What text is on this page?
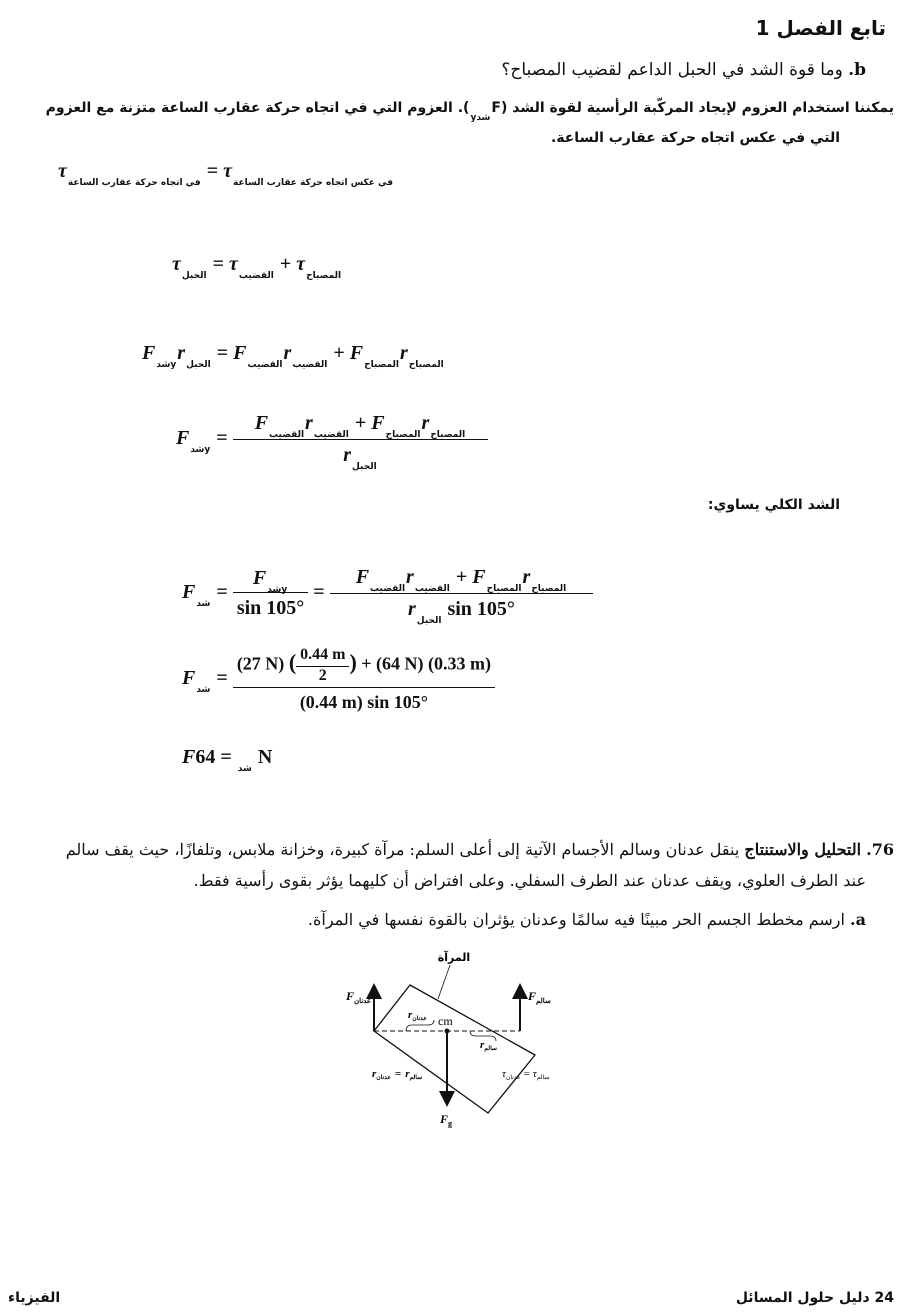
تابع الفصل 1
b. وما قوة الشد في الحبل الداعم لقضيب المصباح؟
يمكننا استخدام العزوم لإيجاد المركّبة الرأسية لقوة الشد $(F_{شدy})$. العزوم التي في اتجاه حركة عقارب الساعة متزنة مع العزوم
التي في عكس اتجاه حركة عقارب الساعة.
$\tau_{في اتجاه حركة عقارب الساعة} = \tau_{في عكس اتجاه حركة عقارب الساعة}$
$\tau_{الحبل} = \tau_{القضيب} + \tau_{المصباح}$
$F_{شدy}r_{الحبل} = F_{القضيب}r_{القضيب} + F_{المصباح}r_{المصباح}$
$F_{شدy} = \frac{F_{القضيب}r_{القضيب} + F_{المصباح}r_{المصباح}}{r_{الحبل}}$
الشد الكلي يساوي:
$F_{شد} = \frac{F_{شدy}}{\sin 105^\circ} = \frac{F_{القضيب}r_{القضيب} + F_{المصباح}r_{المصباح}}{r_{الحبل} \sin 105^\circ}$
$F_{شد} = \frac{(27 N) ( \frac{0.44 m}{2} ) + (64 N) (0.33 m)}{(0.44 m) \sin 105^\circ}$
$F_{شد} = 64$ N
76. التحليل والاستنتاج ينقل عدنان وسالم الأجسام الآتية إلى أعلى السلم: مرآة كبيرة، وخزانة ملابس، وتلفازًا، حيث يقف سالم
عند الطرف العلوي، ويقف عدنان عند الطرف السفلي. وعلى افتراض أن كليهما يؤثر بقوى رأسية فقط.
a. ارسم مخطط الجسم الحر مبينًا فيه سالمًا وعدنان يؤثران بالقوة نفسها في المرآة.
المرآة
$F_{عدنان}$	$F_{سالم}$
rعدنان cm
rسالم
rعدنان = rسالم	τعدنان = τسالم
$F_g$
الفيزياء	24 دليل حلول المسائل
